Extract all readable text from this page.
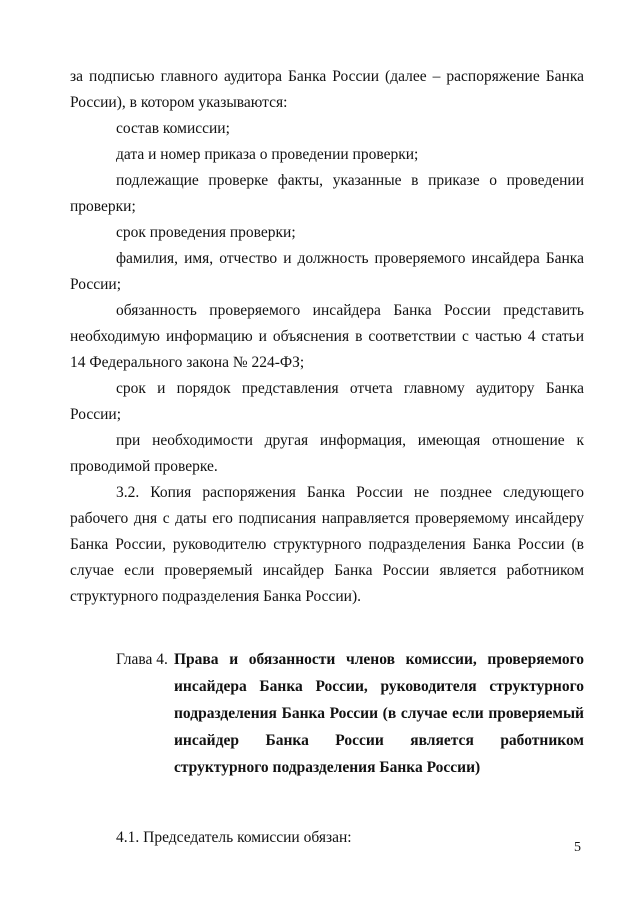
за подписью главного аудитора Банка России (далее – распоряжение Банка России), в котором указываются:

состав комиссии;

дата и номер приказа о проведении проверки;

подлежащие проверке факты, указанные в приказе о проведении проверки;

срок проведения проверки;

фамилия, имя, отчество и должность проверяемого инсайдера Банка России;

обязанность проверяемого инсайдера Банка России представить необходимую информацию и объяснения в соответствии с частью 4 статьи 14 Федерального закона № 224-ФЗ;

срок и порядок представления отчета главному аудитору Банка России;

при необходимости другая информация, имеющая отношение к проводимой проверке.

3.2. Копия распоряжения Банка России не позднее следующего рабочего дня с даты его подписания направляется проверяемому инсайдеру Банка России, руководителю структурного подразделения Банка России (в случае если проверяемый инсайдер Банка России является работником структурного подразделения Банка России).

Глава 4. Права и обязанности членов комиссии, проверяемого инсайдера Банка России, руководителя структурного подразделения Банка России (в случае если проверяемый инсайдер Банка России является работником структурного подразделения Банка России)

4.1. Председатель комиссии обязан:

5
